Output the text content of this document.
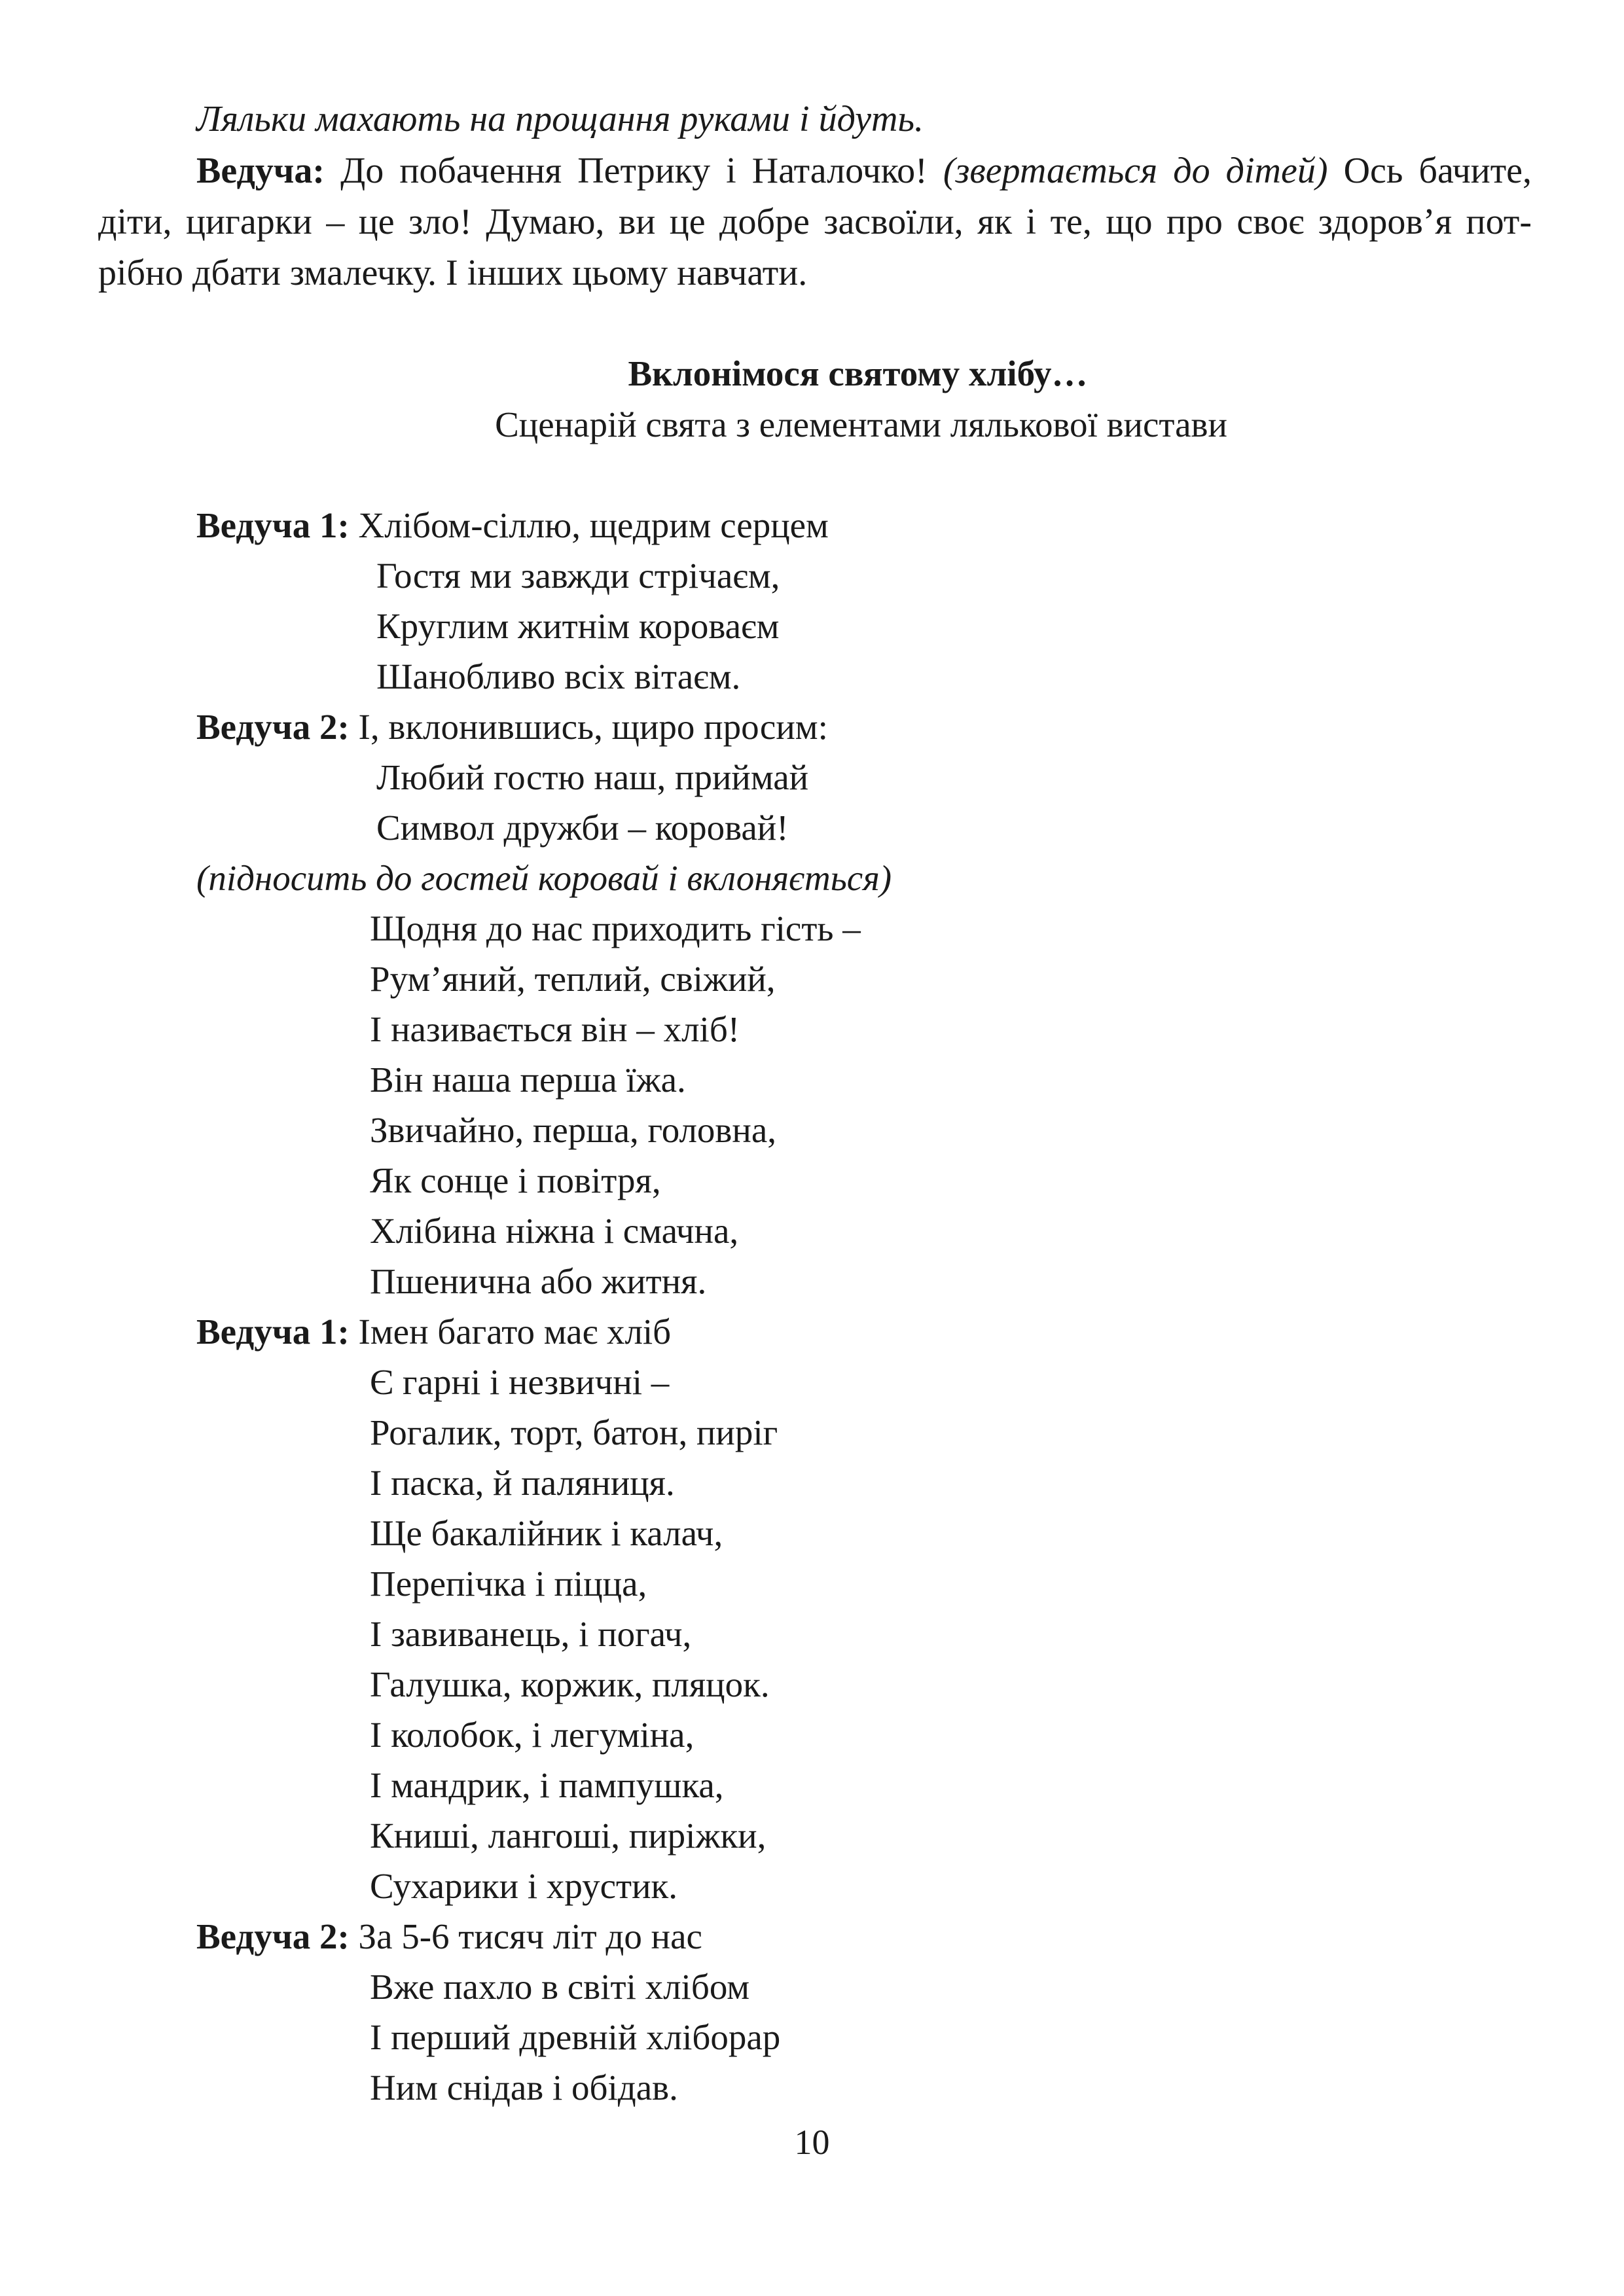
Ляльки махають на прощання руками і йдуть.
Ведуча: До побачення Петрику і Наталочко! (звертається до дітей) Ось бачите,
діти, цигарки – це зло! Думаю, ви це добре засвоїли, як і те, що про своє здоров’я пот-
рібно дбати змалечку. І інших цьому навчати.
Вклонімося святому хлібу…
Сценарій свята з елементами лялькової вистави
Ведуча 1: Хлібом-сіллю, щедрим серцем
Гостя ми завжди стрічаєм,
Круглим житнім короваєм
Шанобливо всіх вітаєм.
Ведуча 2: І, вклонившись, щиро просим:
Любий гостю наш, приймай
Символ дружби – коровай!
(підносить до гостей коровай і вклоняється)
Щодня до нас приходить гість –
Рум’яний, теплий, свіжий,
І називається він – хліб!
Він наша перша їжа.
Звичайно, перша, головна,
Як сонце і повітря,
Хлібина ніжна і смачна,
Пшенична або житня.
Ведуча 1: Імен багато має хліб
Є гарні і незвичні –
Рогалик, торт, батон, пиріг
І паска, й паляниця.
Ще бакалійник і калач,
Перепічка і піцца,
І завиванець, і погач,
Галушка, коржик, пляцок.
І колобок, і легуміна,
І мандрик, і пампушка,
Книші, лангоші, пиріжки,
Сухарики і хрустик.
Ведуча 2: За 5-6 тисяч літ до нас
Вже пахло в світі хлібом
І перший древній хліборар
Ним снідав і обідав.
10
